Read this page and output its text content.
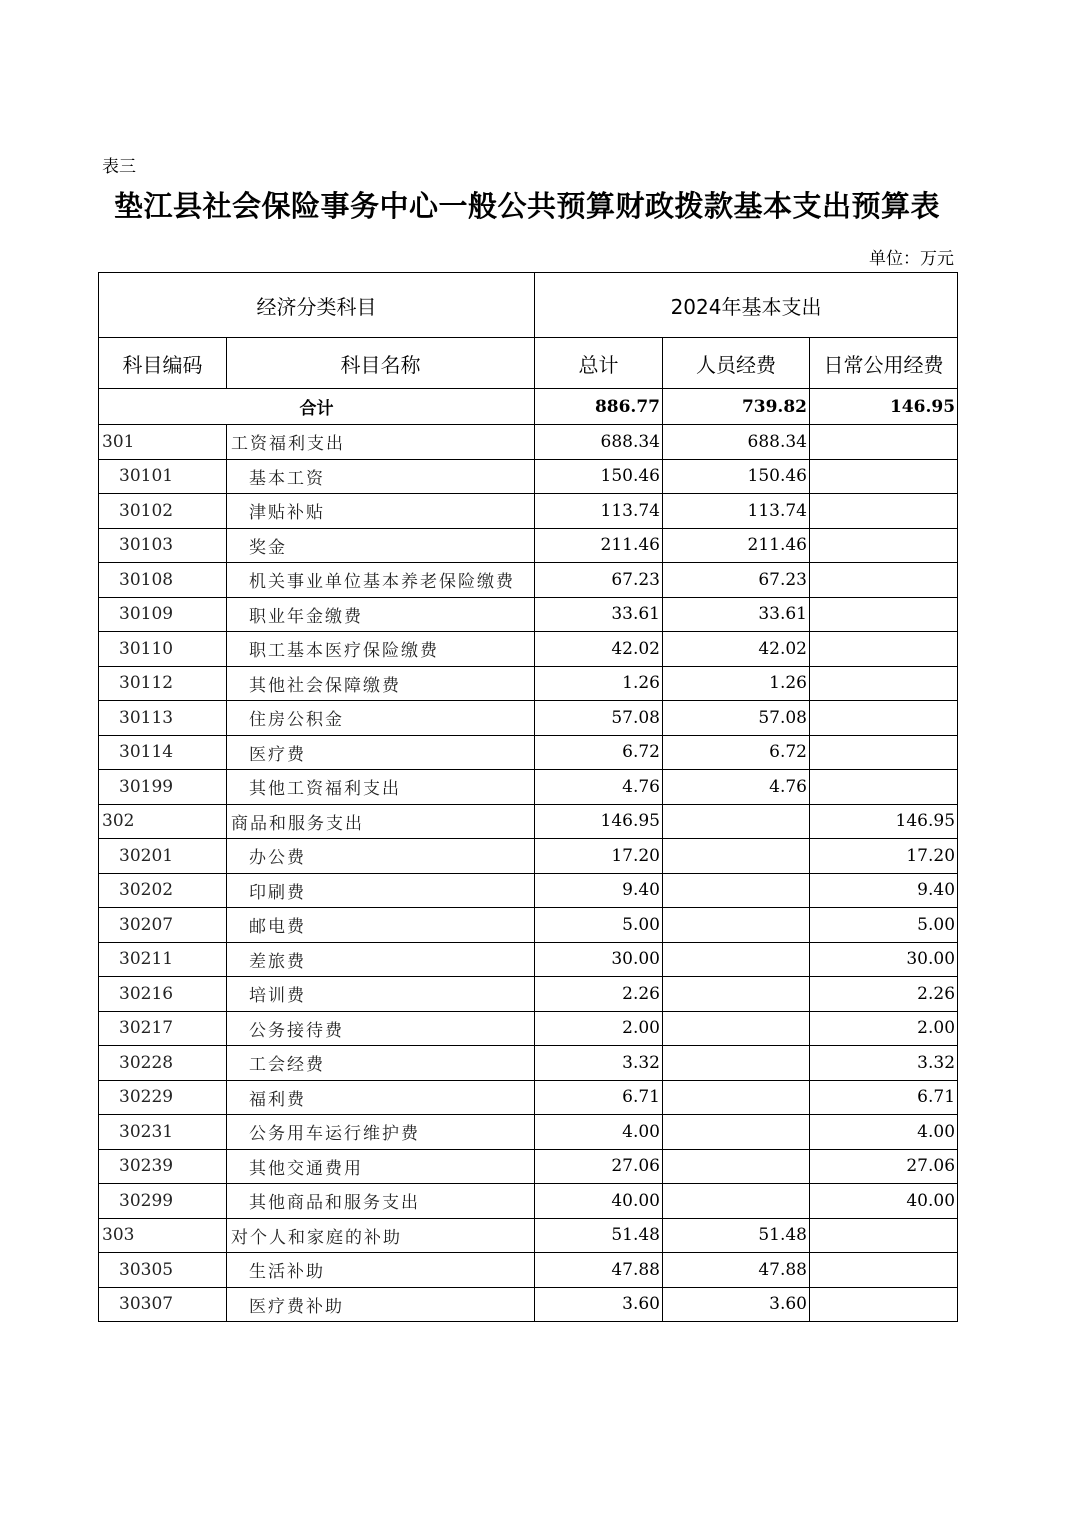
表三
垫江县社会保险事务中心一般公共预算财政拨款基本支出预算表
单位：万元
经济分类科目		2024年基本支出		
科目编码	科目名称	总计	人员经费	日常公用经费
合计		886.77	739.82	146.95
301	工资福利支出	688.34	688.34	
30101	基本工资	150.46	150.46	
30102	津贴补贴	113.74	113.74	
30103	奖金	211.46	211.46	
30108	机关事业单位基本养老保险缴费	67.23	67.23	
30109	职业年金缴费	33.61	33.61	
30110	职工基本医疗保险缴费	42.02	42.02	
30112	其他社会保障缴费	1.26	1.26	
30113	住房公积金	57.08	57.08	
30114	医疗费	6.72	6.72	
30199	其他工资福利支出	4.76	4.76	
302	商品和服务支出	146.95		146.95
30201	办公费	17.20		17.20
30202	印刷费	9.40		9.40
30207	邮电费	5.00		5.00
30211	差旅费	30.00		30.00
30216	培训费	2.26		2.26
30217	公务接待费	2.00		2.00
30228	工会经费	3.32		3.32
30229	福利费	6.71		6.71
30231	公务用车运行维护费	4.00		4.00
30239	其他交通费用	27.06		27.06
30299	其他商品和服务支出	40.00		40.00
303	对个人和家庭的补助	51.48	51.48	
30305	生活补助	47.88	47.88	
30307	医疗费补助	3.60	3.60	
